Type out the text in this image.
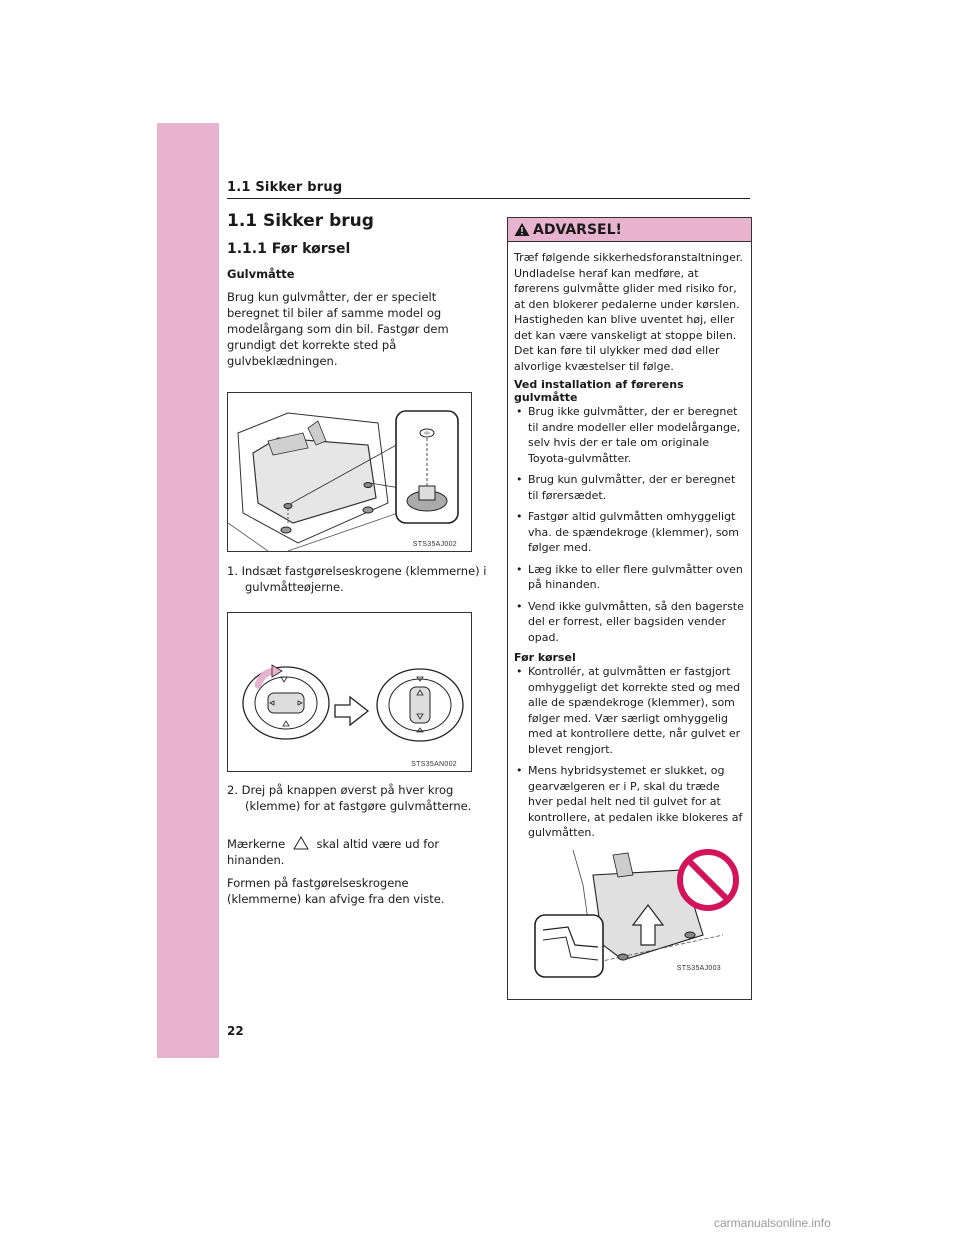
1.1 Sikker brug
1.1 Sikker brug
1.1.1 Før kørsel
Gulvmåtte

Brug kun gulvmåtter, der er specielt beregnet til biler af samme model og modelårgang som din bil. Fastgør dem grundigt det korrekte sted på gulvbeklædningen.

STS35AJ002
1. Indsæt fastgørelseskrogene (klemmerne) i gulvmåtteøjerne.
STS35AN002
2. Drej på knappen øverst på hver krog (klemme) for at fastgøre gulvmåtterne.

Mærkerne	skal altid være ud for hinanden.

Formen på fastgørelseskrogene (klemmerne) kan afvige fra den viste.

ADVARSEL!

Træf følgende sikkerhedsforanstaltninger. Undladelse heraf kan medføre, at førerens gulvmåtte glider med risiko for, at den blokerer pedalerne under kørslen. Hastigheden kan blive uventet høj, eller det kan være vanskeligt at stoppe bilen. Det kan føre til ulykker med død eller alvorlige kvæstelser til følge.

Ved installation af førerens gulvmåtte
• Brug ikke gulvmåtter, der er beregnet til andre modeller eller modelårgange, selv hvis der er tale om originale Toyota-gulvmåtter.
• Brug kun gulvmåtter, der er beregnet til førersædet.
• Fastgør altid gulvmåtten omhyggeligt vha. de spændekroge (klemmer), som følger med.
• Læg ikke to eller flere gulvmåtter oven på hinanden.
• Vend ikke gulvmåtten, så den bagerste del er forrest, eller bagsiden vender opad.
Før kørsel
• Kontrollér, at gulvmåtten er fastgjort omhyggeligt det korrekte sted og med alle de spændekroge (klemmer), som følger med. Vær særligt omhyggelig med at kontrollere dette, når gulvet er blevet rengjort.
• Mens hybridsystemet er slukket, og gearvælgeren er i P, skal du træde hver pedal helt ned til gulvet for at kontrollere, at pedalen ikke blokeres af gulvmåtten.
STS35AJ003
22
carmanualsonline.info
